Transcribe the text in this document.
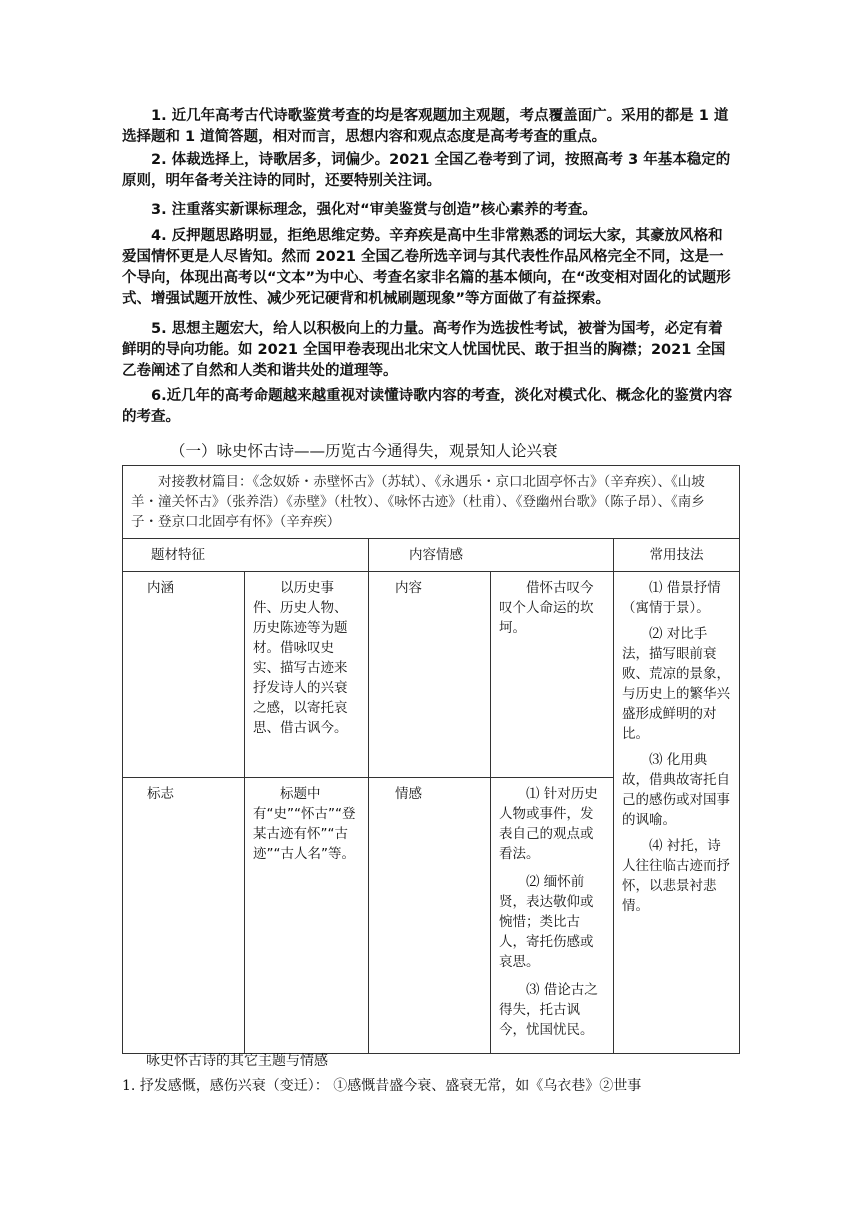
1. 近几年高考古代诗歌鉴赏考查的均是客观题加主观题，考点覆盖面广。采用的都是 1 道选择题和 1 道简答题，相对而言，思想内容和观点态度是高考考查的重点。

2. 体裁选择上，诗歌居多，词偏少。2021 全国乙卷考到了词，按照高考 3 年基本稳定的原则，明年备考关注诗的同时，还要特别关注词。

3. 注重落实新课标理念，强化对“审美鉴赏与创造”核心素养的考查。

4. 反押题思路明显，拒绝思维定势。辛弃疾是高中生非常熟悉的词坛大家，其豪放风格和爱国情怀更是人尽皆知。然而 2021 全国乙卷所选辛词与其代表性作品风格完全不同，这是一个导向，体现出高考以“文本”为中心、考查名家非名篇的基本倾向，在“改变相对固化的试题形式、增强试题开放性、减少死记硬背和机械刷题现象”等方面做了有益探索。

5. 思想主题宏大，给人以积极向上的力量。高考作为选拔性考试，被誉为国考，必定有着鲜明的导向功能。如 2021 全国甲卷表现出北宋文人忧国忧民、敢于担当的胸襟；2021 全国乙卷阐述了自然和人类和谐共处的道理等。

6.近几年的高考命题越来越重视对读懂诗歌内容的考查，淡化对模式化、概念化的鉴赏内容的考查。

（一）咏史怀古诗——历览古今通得失，观景知人论兴衰

对接教材篇目：《念奴娇・赤壁怀古》（苏轼）、《永遇乐・京口北固亭怀古》（辛弃疾）、《山坡羊・潼关怀古》（张养浩）《赤壁》（杜牧）、《咏怀古迹》（杜甫）、《登幽州台歌》（陈子昂）、《南乡子・登京口北固亭有怀》（辛弃疾）				
题材特征		内容情感		常用技法
内涵	以历史事件、历史人物、历史陈迹等为题材。借咏叹史实、描写古迹来抒发诗人的兴衰之感，以寄托哀思、借古讽今。	内容	借怀古叹今叹个人命运的坎坷。	⑴ 借景抒情（寓情于景）。

⑵ 对比手法，描写眼前衰败、荒凉的景象，与历史上的繁华兴盛形成鲜明的对比。

⑶ 化用典故，借典故寄托自己的感伤或对国事的讽喻。

⑷ 衬托，诗人往往临古迹而抒怀，以悲景衬悲情。

标志	标题中有“史”“怀古”“登某古迹有怀”“古迹”“古人名”等。	情感	⑴ 针对历史人物或事件，发表自己的观点或看法。

⑵ 缅怀前贤，表达敬仰或惋惜；类比古人，寄托伤感或哀思。

⑶ 借论古之得失，托古讽今，忧国忧民。	

咏史怀古诗的其它主题与情感

1. 抒发感慨，感伤兴衰（变迁）： ①感慨昔盛今衰、盛衰无常，如《乌衣巷》②世事
